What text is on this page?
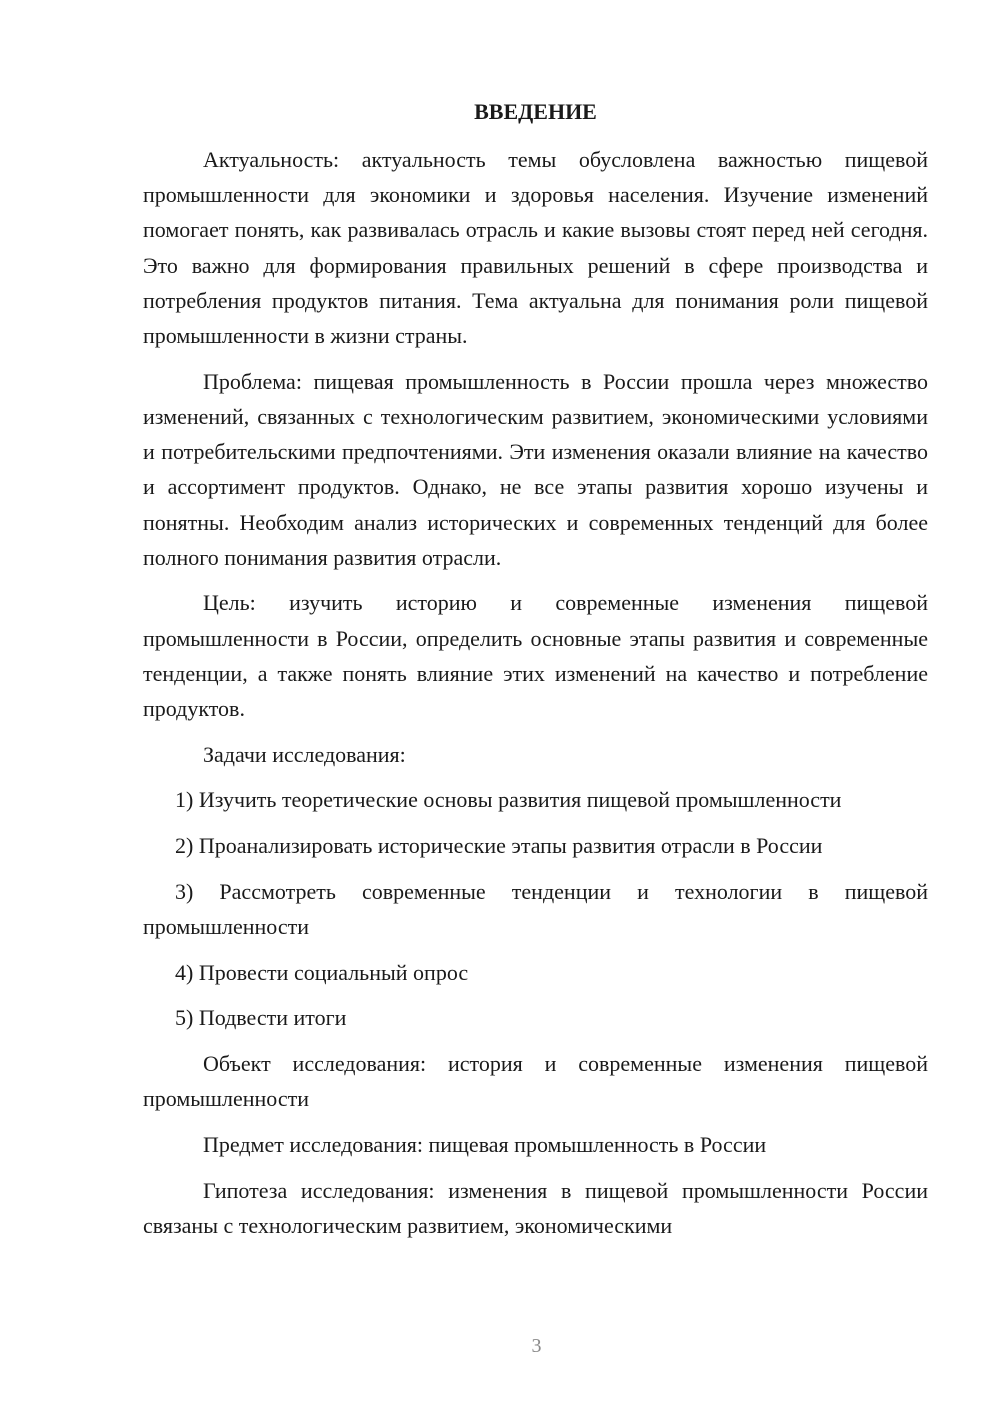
ВВЕДЕНИЕ

Актуальность: актуальность темы обусловлена важностью пищевой промышленности для экономики и здоровья населения. Изучение изменений помогает понять, как развивалась отрасль и какие вызовы стоят перед ней сегодня. Это важно для формирования правильных решений в сфере производства и потребления продуктов питания. Тема актуальна для понимания роли пищевой промышленности в жизни страны.

Проблема: пищевая промышленность в России прошла через множество изменений, связанных с технологическим развитием, экономическими условиями и потребительскими предпочтениями. Эти изменения оказали влияние на качество и ассортимент продуктов. Однако, не все этапы развития хорошо изучены и понятны. Необходим анализ исторических и современных тенденций для более полного понимания развития отрасли.

Цель: изучить историю и современные изменения пищевой промышленности в России, определить основные этапы развития и современные тенденции, а также понять влияние этих изменений на качество и потребление продуктов.

Задачи исследования:

1) Изучить теоретические основы развития пищевой промышленности

2) Проанализировать исторические этапы развития отрасли в России

3) Рассмотреть современные тенденции и технологии в пищевой промышленности

4) Провести социальный опрос

5) Подвести итоги

Объект исследования: история и современные изменения пищевой промышленности

Предмет исследования: пищевая промышленность в России

Гипотеза исследования: изменения в пищевой промышленности России связаны с технологическим развитием, экономическими

3
